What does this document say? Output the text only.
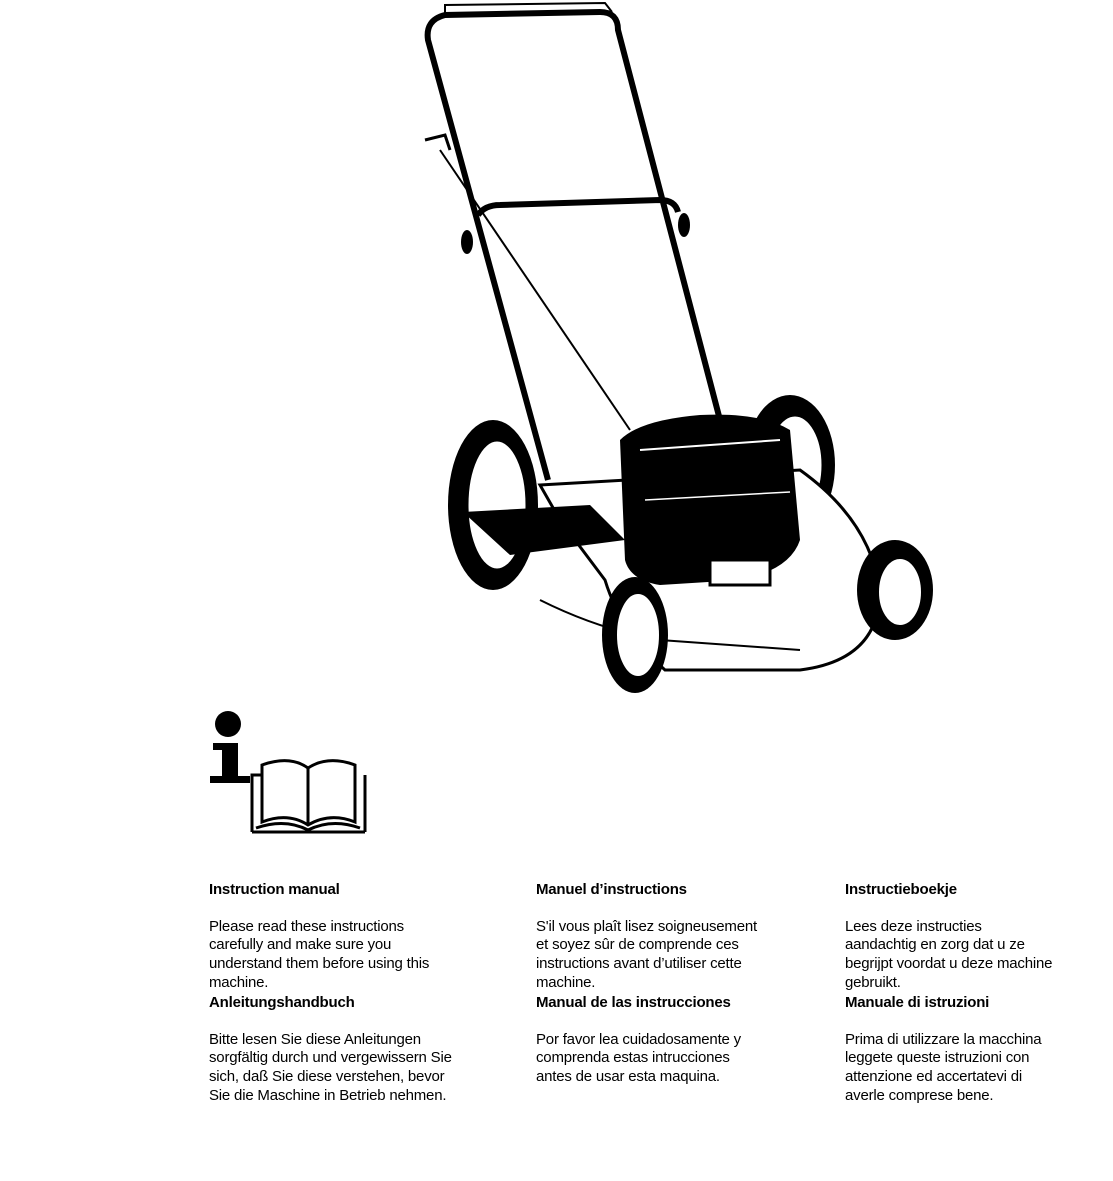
Instruction manual

Please read these instructions
carefully and make sure you
understand them before using this
machine.

Manuel d’instructions

S'il vous plaît lisez soigneusement
et soyez sûr de comprende ces
instructions avant d’utiliser cette
machine.

Instructieboekje

Lees deze instructies
aandachtig en zorg dat u ze
begrijpt voordat u deze machine
gebruikt.

Anleitungshandbuch

Bitte lesen Sie diese Anleitungen
sorgfältig durch und vergewissern Sie
sich, daß Sie diese verstehen, bevor
Sie die Maschine in Betrieb nehmen.

Manual de las instrucciones

Por favor lea cuidadosamente y
comprenda estas intrucciones
antes de usar esta maquina.

Manuale di istruzioni

Prima di utilizzare la macchina
leggete queste istruzioni con
attenzione ed accertatevi di
averle comprese bene.
